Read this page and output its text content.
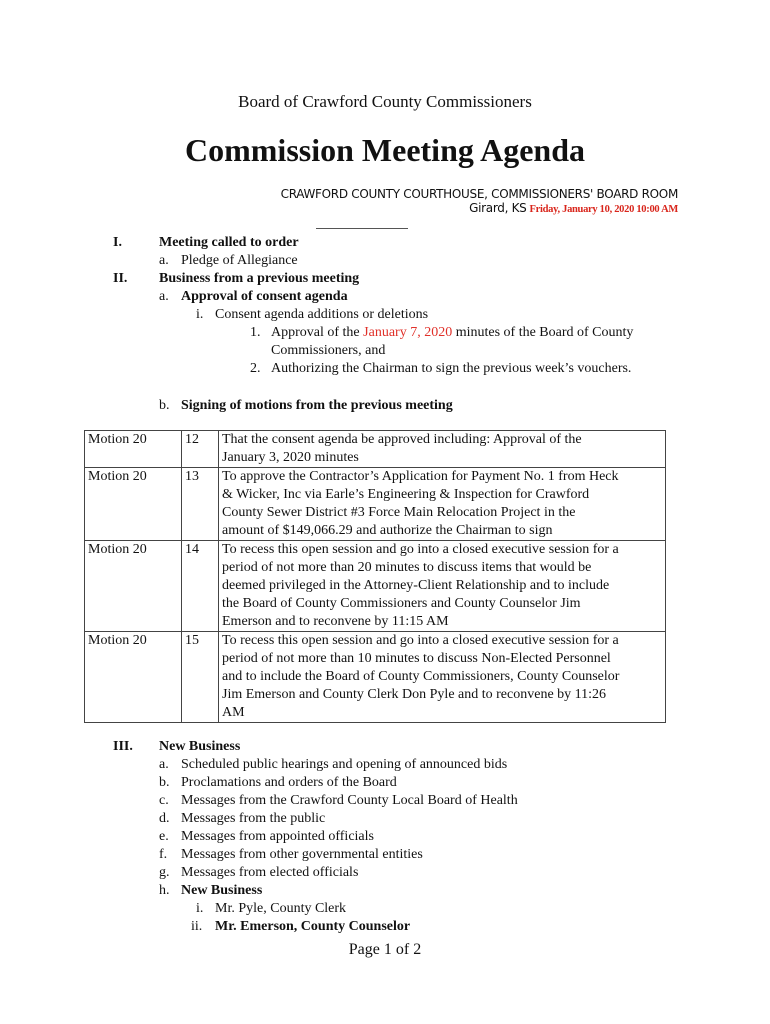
Board of Crawford County Commissioners
Commission Meeting Agenda
CRAWFORD COUNTY COURTHOUSE, COMMISSIONERS' BOARD ROOM
Girard, KS Friday, January 10, 2020 10:00 AM
I.	Meeting called to order
a. Pledge of Allegiance
II. Business from a previous meeting
a. Approval of consent agenda
i. Consent agenda additions or deletions
1. Approval of the January 7, 2020 minutes of the Board of County
Commissioners, and
2. Authorizing the Chairman to sign the previous week’s vouchers.
b. Signing of motions from the previous meeting
Motion 20	12	That the consent agenda be approved including: Approval of the
January 3, 2020 minutes

Motion 20	13	To approve the Contractor’s Application for Payment No. 1 from Heck
& Wicker, Inc via Earle’s Engineering & Inspection for Crawford
County Sewer District #3 Force Main Relocation Project in the
amount of $149,066.29 and authorize the Chairman to sign

Motion 20	14	To recess this open session and go into a closed executive session for a
period of not more than 20 minutes to discuss items that would be
deemed privileged in the Attorney-Client Relationship and to include
the Board of County Commissioners and County Counselor Jim
Emerson and to reconvene by 11:15 AM

Motion 20	15	To recess this open session and go into a closed executive session for a
period of not more than 10 minutes to discuss Non-Elected Personnel
and to include the Board of County Commissioners, County Counselor
Jim Emerson and County Clerk Don Pyle and to reconvene by 11:26
AM
III. New Business
a. Scheduled public hearings and opening of announced bids
b. Proclamations and orders of the Board
c. Messages from the Crawford County Local Board of Health
d. Messages from the public
e. Messages from appointed officials
f. Messages from other governmental entities
g. Messages from elected officials
h. New Business
i. Mr. Pyle, County Clerk
ii. Mr. Emerson, County Counselor
Page 1 of 2
